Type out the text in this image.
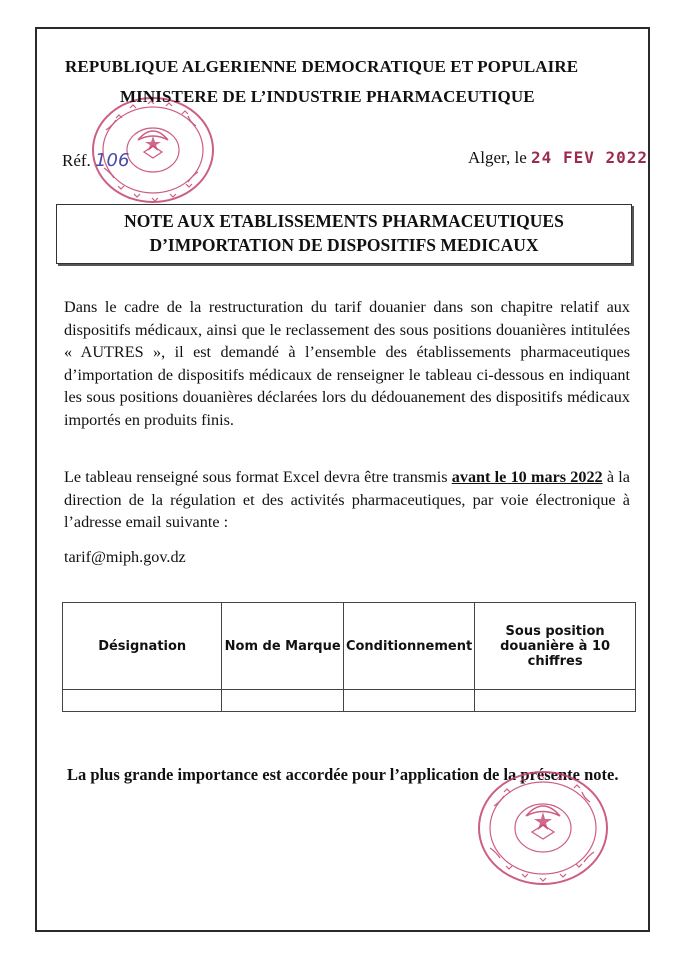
REPUBLIQUE ALGERIENNE DEMOCRATIQUE ET POPULAIRE
MINISTERE DE L’INDUSTRIE PHARMACEUTIQUE
Réf. 106	Alger, le 24 FEV 2022
NOTE AUX ETABLISSEMENTS PHARMACEUTIQUES
D’IMPORTATION DE DISPOSITIFS MEDICAUX
Dans le cadre de la restructuration du tarif douanier dans son chapitre relatif aux dispositifs médicaux, ainsi que le reclassement des sous positions douanières intitulées « AUTRES », il est demandé à l’ensemble des établissements pharmaceutiques d’importation de dispositifs médicaux de renseigner le tableau ci-dessous en indiquant les sous positions douanières déclarées lors du dédouanement des dispositifs médicaux importés en produits finis.
Le tableau renseigné sous format Excel devra être transmis avant le 10 mars 2022 à la direction de la régulation et des activités pharmaceutiques, par voie électronique à l’adresse email suivante :
tarif@miph.gov.dz
Désignation	Nom de Marque	Conditionnement	Sous position douanière à 10 chiffres

La plus grande importance est accordée pour l’application de la présente note.
